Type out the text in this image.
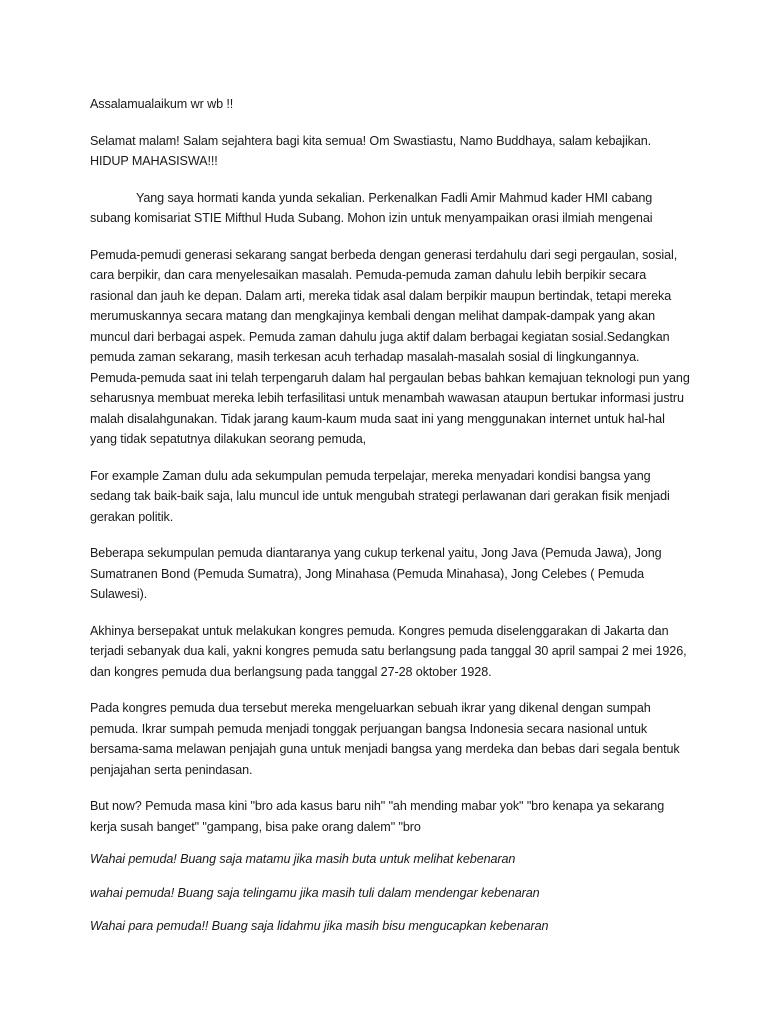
Assalamualaikum wr wb !!

Selamat malam! Salam sejahtera bagi kita semua! Om Swastiastu, Namo Buddhaya, salam kebajikan. HIDUP MAHASISWA!!!

Yang saya hormati kanda yunda sekalian. Perkenalkan Fadli Amir Mahmud kader HMI cabang subang komisariat STIE Mifthul Huda Subang. Mohon izin untuk menyampaikan orasi ilmiah mengenai

Pemuda-pemudi generasi sekarang sangat berbeda dengan generasi terdahulu dari segi pergaulan, sosial, cara berpikir, dan cara menyelesaikan masalah. Pemuda-pemuda zaman dahulu lebih berpikir secara rasional dan jauh ke depan. Dalam arti, mereka tidak asal dalam berpikir maupun bertindak, tetapi mereka merumuskannya secara matang dan mengkajinya kembali dengan melihat dampak-dampak yang akan muncul dari berbagai aspek. Pemuda zaman dahulu juga aktif dalam berbagai kegiatan sosial.Sedangkan pemuda zaman sekarang, masih terkesan acuh terhadap masalah-masalah sosial di lingkungannya. Pemuda-pemuda saat ini telah terpengaruh dalam hal pergaulan bebas bahkan kemajuan teknologi pun yang seharusnya membuat mereka lebih terfasilitasi untuk menambah wawasan ataupun bertukar informasi justru malah disalahgunakan. Tidak jarang kaum-kaum muda saat ini yang menggunakan internet untuk hal-hal yang tidak sepatutnya dilakukan seorang pemuda,

For example Zaman dulu ada sekumpulan pemuda terpelajar, mereka menyadari kondisi bangsa yang sedang tak baik-baik saja, lalu muncul ide untuk mengubah strategi perlawanan dari gerakan fisik menjadi gerakan politik.

Beberapa sekumpulan pemuda diantaranya yang cukup terkenal yaitu, Jong Java (Pemuda Jawa), Jong Sumatranen Bond (Pemuda Sumatra), Jong Minahasa (Pemuda Minahasa), Jong Celebes ( Pemuda Sulawesi).

Akhinya bersepakat untuk melakukan kongres pemuda. Kongres pemuda diselenggarakan di Jakarta dan terjadi sebanyak dua kali, yakni kongres pemuda satu berlangsung pada tanggal 30 april sampai 2 mei 1926, dan kongres pemuda dua berlangsung pada tanggal 27-28 oktober 1928.

Pada kongres pemuda dua tersebut mereka mengeluarkan sebuah ikrar yang dikenal dengan sumpah pemuda. Ikrar sumpah pemuda menjadi tonggak perjuangan bangsa Indonesia secara nasional untuk bersama-sama melawan penjajah guna untuk menjadi bangsa yang merdeka dan bebas dari segala bentuk penjajahan serta penindasan.

But now? Pemuda masa kini "bro ada kasus baru nih" "ah mending mabar yok" "bro kenapa ya sekarang kerja susah banget" "gampang, bisa pake orang dalem" "bro

Wahai pemuda! Buang saja matamu jika masih buta untuk melihat kebenaran

wahai pemuda! Buang saja telingamu jika masih tuli dalam mendengar kebenaran

Wahai para pemuda!! Buang saja lidahmu jika masih bisu mengucapkan kebenaran
